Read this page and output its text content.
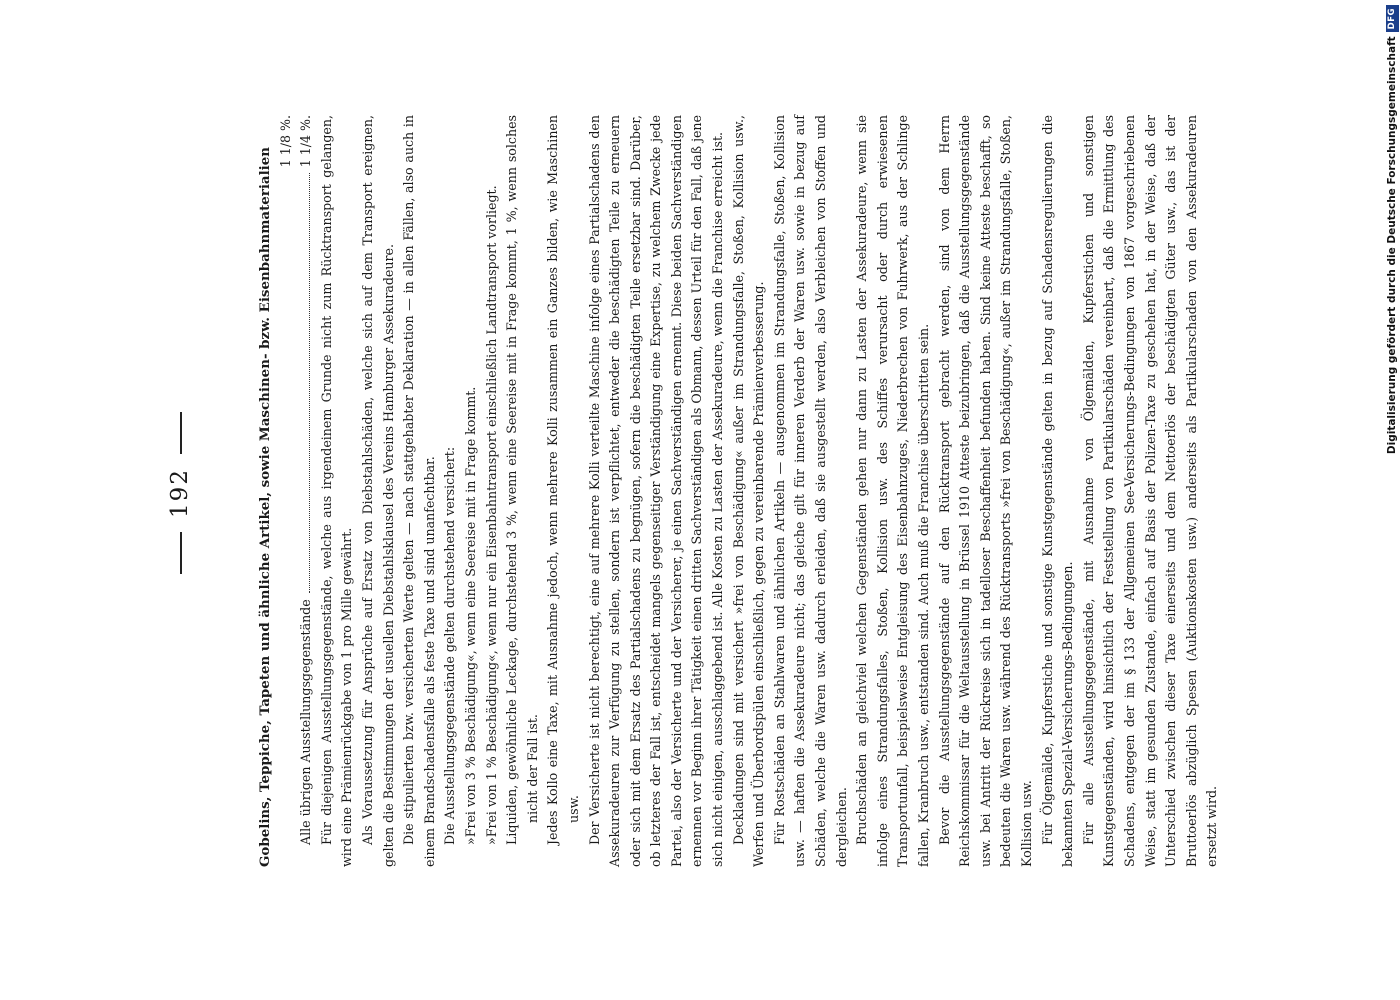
192	Gobelins, Teppiche, Tapeten und ähnliche Artikel, sowie Maschinen- bzw. Eisenbahnmaterialien

1 1/8 %.

Alle übrigen Ausstellungsgegenstände
1 1/4 %. Für diejenigen Ausstellungsgegenstände, welche aus irgendeinem Grunde nicht zum Rücktransport gelangen, wird eine Prämienrückgabe von 1 pro Mille gewährt. Als Voraussetzung für Ansprüche auf Ersatz von Diebstahlschäden, welche sich auf dem Transport ereignen, gelten die Bestimmungen der usuellen Diebstahlsklausel des Vereins Hamburger Assekuradeure. Die stipulierten bzw. versicherten Werte gelten — nach stattgehabter Deklaration — in allen Fällen, also auch in einem Brandschadensfalle als feste Taxe und sind unanfechtbar. Die Ausstellungsgegenstände gelten durchstehend versichert: »Frei von 3 % Beschädigung«, wenn eine Seereise mit in Frage kommt. »Frei von 1 % Beschädigung«, wenn nur ein Eisenbahntransport einschließlich Landtransport vorliegt. Liquiden, gewöhnliche Leckage, durchstehend 3 %, wenn eine Seereise mit in Frage kommt, 1 %, wenn solches nicht der Fall ist. Jedes Kollo eine Taxe, mit Ausnahme jedoch, wenn mehrere Kolli zusammen ein Ganzes bilden, wie Maschinen usw. Der Versicherte ist nicht berechtigt, eine auf mehrere Kolli verteilte Maschine infolge eines Partialschadens den Assekuradeuren zur Verfügung zu stellen, sondern ist verpflichtet, entweder die beschädigten Teile zu erneuern oder sich mit dem Ersatz des Partialschadens zu begnügen, sofern die beschädigten Teile ersetzbar sind. Darüber, ob letzteres der Fall ist, entscheidet mangels gegenseitiger Verständigung eine Expertise, zu welchem Zwecke jede Partei, also der Versicherte und der Versicherer, je einen Sachverständigen ernennt. Diese beiden Sachverständigen ernennen vor Beginn ihrer Tätigkeit einen dritten Sachverständigen als Obmann, dessen Urteil für den Fall, daß jene sich nicht einigen, ausschlaggebend ist. Alle Kosten zu Lasten der Assekuradeure, wenn die Franchise erreicht ist. Deckladungen sind mit versichert »frei von Beschädigung« außer im Strandungsfalle, Stoßen, Kollision usw., Werfen und Überbordspülen einschließlich, gegen zu vereinbarende Prämienverbesserung. Für Rostschäden an Stahlwaren und ähnlichen Artikeln — ausgenommen im Strandungsfalle, Stoßen, Kollision usw. — haften die Assekuradeure nicht; das gleiche gilt für inneren Verderb der Waren usw. sowie in bezug auf Schäden, welche die Waren usw. dadurch erleiden, daß sie ausgestellt werden, also Verbleichen von Stoffen und dergleichen. Bruchschäden an gleichviel welchen Gegenständen gehen nur dann zu Lasten der Assekuradeure, wenn sie infolge eines Strandungsfalles, Stoßen, Kollision usw. des Schiffes verursacht oder durch erwiesenen Transportunfall, beispielsweise Entgleisung des Eisenbahnzuges, Niederbrechen von Fuhrwerk, aus der Schlinge fallen, Kranbruch usw., entstanden sind. Auch muß die Franchise überschritten sein. Bevor die Ausstellungsgegenstände auf den Rücktransport gebracht werden, sind von dem Herrn Reichskommissar für die Weltausstellung in Brüssel 1910 Atteste beizubringen, daß die Ausstellungsgegenstände usw. bei Antritt der Rückreise sich in tadelloser Beschaffenheit befunden haben. Sind keine Atteste beschafft, so bedeuten die Waren usw. während des Rücktransports »frei von Beschädigung«, außer im Strandungsfalle, Stoßen, Kollision usw. Für Ölgemälde, Kupferstiche und sonstige Kunstgegenstände gelten in bezug auf Schadensregulierungen die bekannten Spezial-Versicherungs-Bedingungen. Für alle Ausstellungsgegenstände, mit Ausnahme von Ölgemälden, Kupferstichen und sonstigen Kunstgegenständen, wird hinsichtlich der Feststellung von Partikularschäden vereinbart, daß die Ermittlung des Schadens, entgegen der im § 133 der Allgemeinen See-Versicherungs-Bedingungen von 1867 vorgeschriebenen Weise, statt im gesunden Zustande, einfach auf Basis der Polizen-Taxe zu geschehen hat, in der Weise, daß der Unterschied zwischen dieser Taxe einerseits und dem Nettoerlös der beschädigten Güter usw., das ist der Bruttoerlös abzüglich Spesen (Auktionskosten usw.) anderseits als Partikularschaden von den Assekuradeuren ersetzt wird.

Digitalisierung gefördert durch die Deutsche Forschungsgemeinschaft
DFG
